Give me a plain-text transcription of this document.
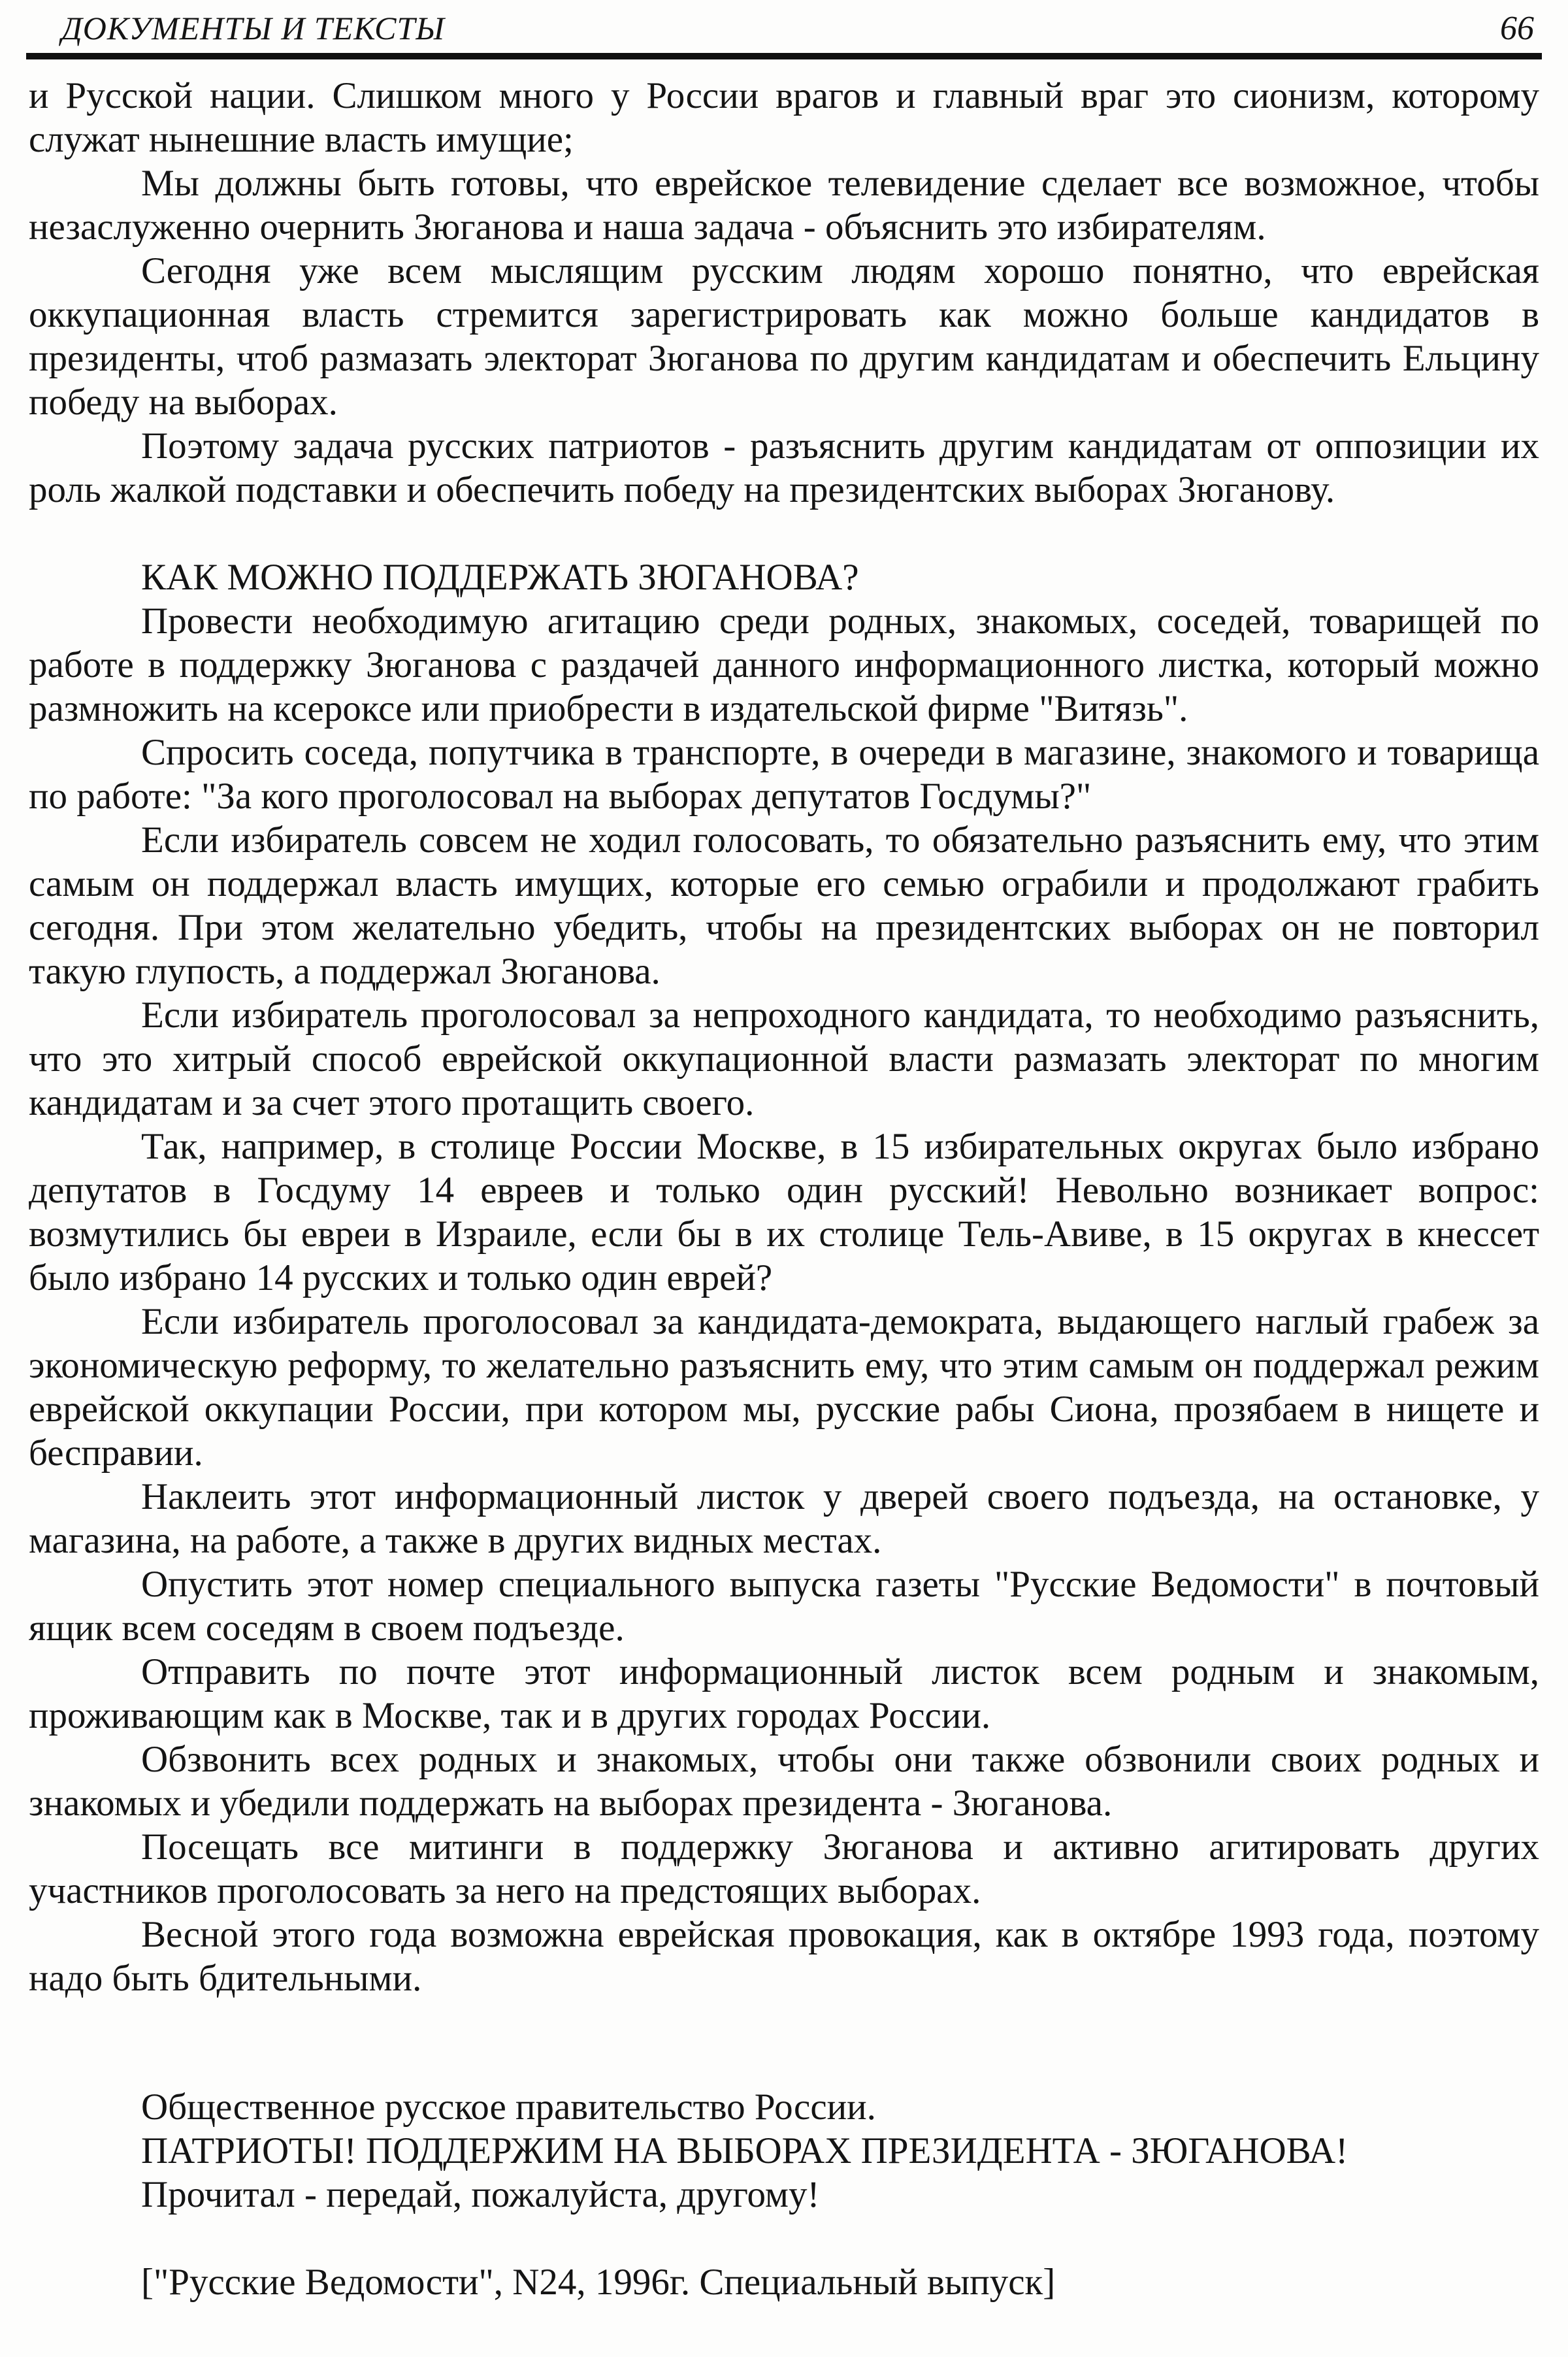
ДОКУМЕНТЫ И ТЕКСТЫ	66

и Русской нации. Слишком много у России врагов и главный враг это сионизм, которому служат нынешние власть имущие;

Мы должны быть готовы, что еврейское телевидение сделает все возможное, чтобы незаслуженно очернить Зюганова и наша задача - объяснить это избирателям.

Сегодня уже всем мыслящим русским людям хорошо понятно, что еврейская оккупационная власть стремится зарегистрировать как можно больше кандидатов в президенты, чтоб размазать электорат Зюганова по другим кандидатам и обеспечить Ельцину победу на выборах.

Поэтому задача русских патриотов - разъяснить другим кандидатам от оппозиции их роль жалкой подставки и обеспечить победу на президентских выборах Зюганову.

КАК МОЖНО ПОДДЕРЖАТЬ ЗЮГАНОВА?

Провести необходимую агитацию среди родных, знакомых, соседей, товарищей по работе в поддержку Зюганова с раздачей данного информационного листка, который можно размножить на ксероксе или приобрести в издательской фирме "Витязь".

Спросить соседа, попутчика в транспорте, в очереди в магазине, знакомого и товарища по работе: "За кого проголосовал на выборах депутатов Госдумы?"

Если избиратель совсем не ходил голосовать, то обязательно разъяснить ему, что этим самым он поддержал власть имущих, которые его семью ограбили и продолжают грабить сегодня. При этом желательно убедить, чтобы на президентских выборах он не повторил такую глупость, а поддержал Зюганова.

Если избиратель проголосовал за непроходного кандидата, то необходимо разъяснить, что это хитрый способ еврейской оккупационной власти размазать электорат по многим кандидатам и за счет этого протащить своего.

Так, например, в столице России Москве, в 15 избирательных округах было избрано депутатов в Госдуму 14 евреев и только один русский! Невольно возникает вопрос: возмутились бы евреи в Израиле, если бы в их столице Тель-Авиве, в 15 округах в кнессет было избрано 14 русских и только один еврей?

Если избиратель проголосовал за кандидата-демократа, выдающего наглый грабеж за экономическую реформу, то желательно разъяснить ему, что этим самым он поддержал режим еврейской оккупации России, при котором мы, русские рабы Сиона, прозябаем в нищете и бесправии.

Наклеить этот информационный листок у дверей своего подъезда, на остановке, у магазина, на работе, а также в других видных местах.

Опустить этот номер специального выпуска газеты "Русские Ведомости" в почтовый ящик всем соседям в своем подъезде.

Отправить по почте этот информационный листок всем родным и знакомым, проживающим как в Москве, так и в других городах России.

Обзвонить всех родных и знакомых, чтобы они также обзвонили своих родных и знакомых и убедили поддержать на выборах президента - Зюганова.

Посещать все митинги в поддержку Зюганова и активно агитировать других участников проголосовать за него на предстоящих выборах.

Весной этого года возможна еврейская провокация, как в октябре 1993 года, поэтому надо быть бдительными.

Общественное русское правительство России.

ПАТРИОТЫ! ПОДДЕРЖИМ НА ВЫБОРАХ ПРЕЗИДЕНТА - ЗЮГАНОВА!

Прочитал - передай, пожалуйста, другому!

["Русские Ведомости", N24, 1996г. Специальный выпуск]
